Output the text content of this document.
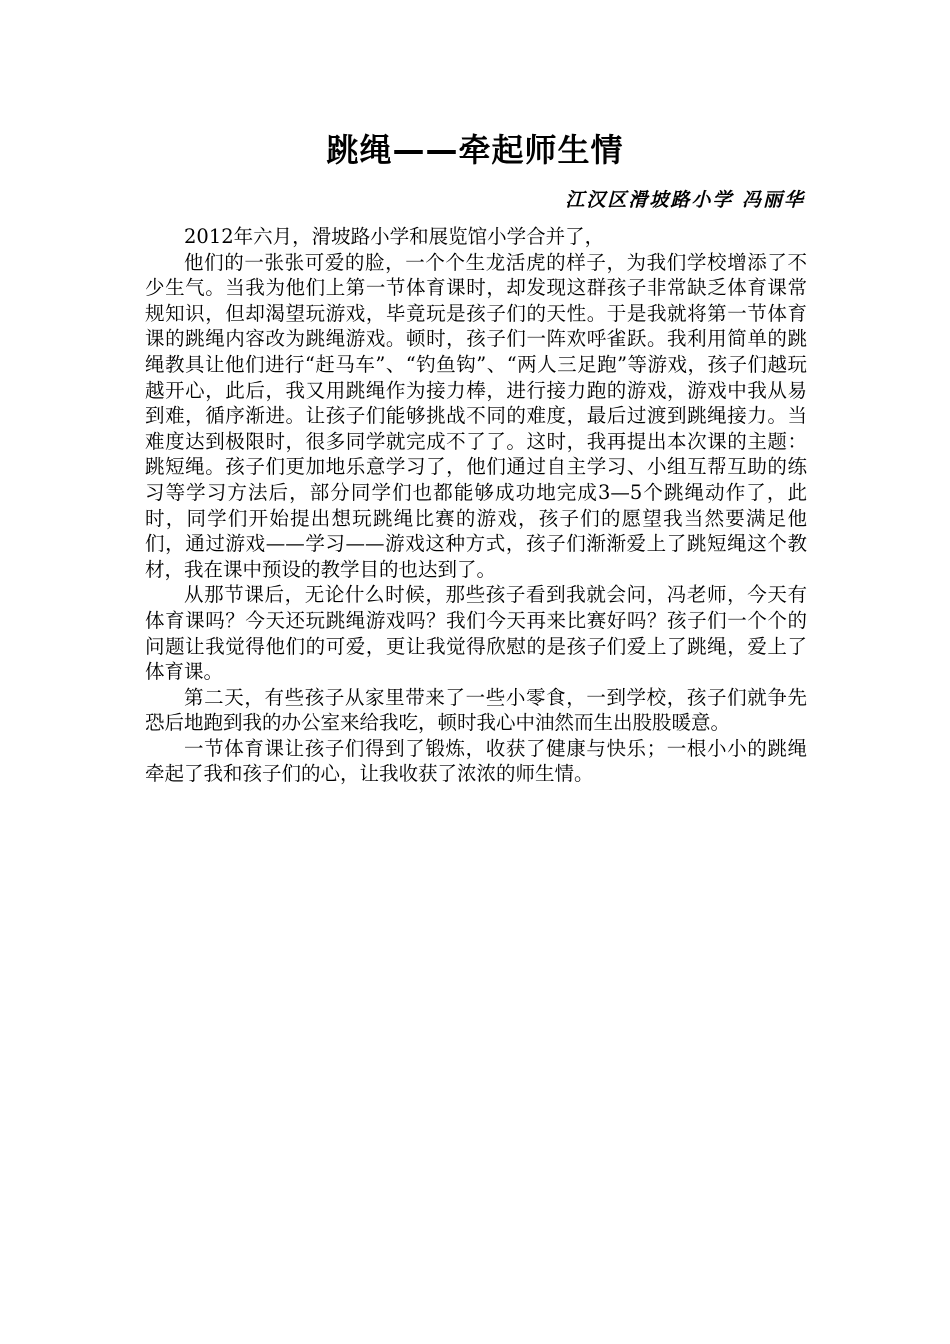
跳绳——牵起师生情
江汉区滑坡路小学 冯丽华

2012年六月，滑坡路小学和展览馆小学合并了，

他们的一张张可爱的脸，一个个生龙活虎的样子，为我们学校增添了不少生气。当我为他们上第一节体育课时，却发现这群孩子非常缺乏体育课常规知识，但却渴望玩游戏，毕竟玩是孩子们的天性。于是我就将第一节体育课的跳绳内容改为跳绳游戏。顿时，孩子们一阵欢呼雀跃。我利用简单的跳绳教具让他们进行“赶马车”、“钓鱼钩”、“两人三足跑”等游戏，孩子们越玩越开心，此后，我又用跳绳作为接力棒，进行接力跑的游戏，游戏中我从易到难，循序渐进。让孩子们能够挑战不同的难度，最后过渡到跳绳接力。当难度达到极限时，很多同学就完成不了了。这时，我再提出本次课的主题：跳短绳。孩子们更加地乐意学习了，他们通过自主学习、小组互帮互助的练习等学习方法后，部分同学们也都能够成功地完成3—5个跳绳动作了，此时，同学们开始提出想玩跳绳比赛的游戏，孩子们的愿望我当然要满足他们，通过游戏——学习——游戏这种方式，孩子们渐渐爱上了跳短绳这个教材，我在课中预设的教学目的也达到了。

从那节课后，无论什么时候，那些孩子看到我就会问，冯老师，今天有体育课吗？今天还玩跳绳游戏吗？我们今天再来比赛好吗？孩子们一个个的问题让我觉得他们的可爱，更让我觉得欣慰的是孩子们爱上了跳绳，爱上了体育课。

第二天，有些孩子从家里带来了一些小零食，一到学校，孩子们就争先恐后地跑到我的办公室来给我吃，顿时我心中油然而生出股股暖意。

一节体育课让孩子们得到了锻炼，收获了健康与快乐；一根小小的跳绳牵起了我和孩子们的心，让我收获了浓浓的师生情。
